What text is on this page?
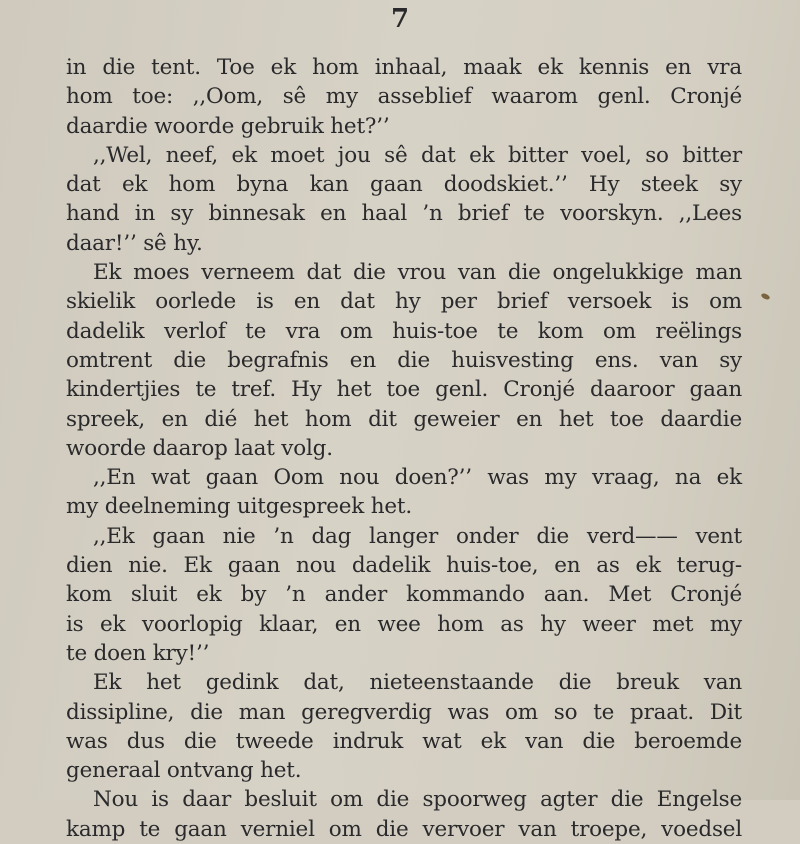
7
in die tent. Toe ek hom inhaal, maak ek kennis en vra
hom toe: ,,Oom, sê my asseblief waarom genl. Cronjé
daardie woorde gebruik het?’’
,,Wel, neef, ek moet jou sê dat ek bitter voel, so bitter
dat ek hom byna kan gaan doodskiet.’’ Hy steek sy
hand in sy binnesak en haal ’n brief te voorskyn. ,,Lees
daar!’’ sê hy.
Ek moes verneem dat die vrou van die ongelukkige man
skielik oorlede is en dat hy per brief versoek is om
dadelik verlof te vra om huis-toe te kom om reëlings
omtrent die begrafnis en die huisvesting ens. van sy
kindertjies te tref. Hy het toe genl. Cronjé daaroor gaan
spreek, en dié het hom dit geweier en het toe daardie
woorde daarop laat volg.
,,En wat gaan Oom nou doen?’’ was my vraag, na ek
my deelneming uitgespreek het.
,,Ek gaan nie ’n dag langer onder die verd—— vent
dien nie. Ek gaan nou dadelik huis-toe, en as ek terug-
kom sluit ek by ’n ander kommando aan. Met Cronjé
is ek voorlopig klaar, en wee hom as hy weer met my
te doen kry!’’
Ek het gedink dat, nieteenstaande die breuk van
dissipline, die man geregverdig was om so te praat. Dit
was dus die tweede indruk wat ek van die beroemde
generaal ontvang het.
Nou is daar besluit om die spoorweg agter die Engelse
kamp te gaan verniel om die vervoer van troepe, voedsel
